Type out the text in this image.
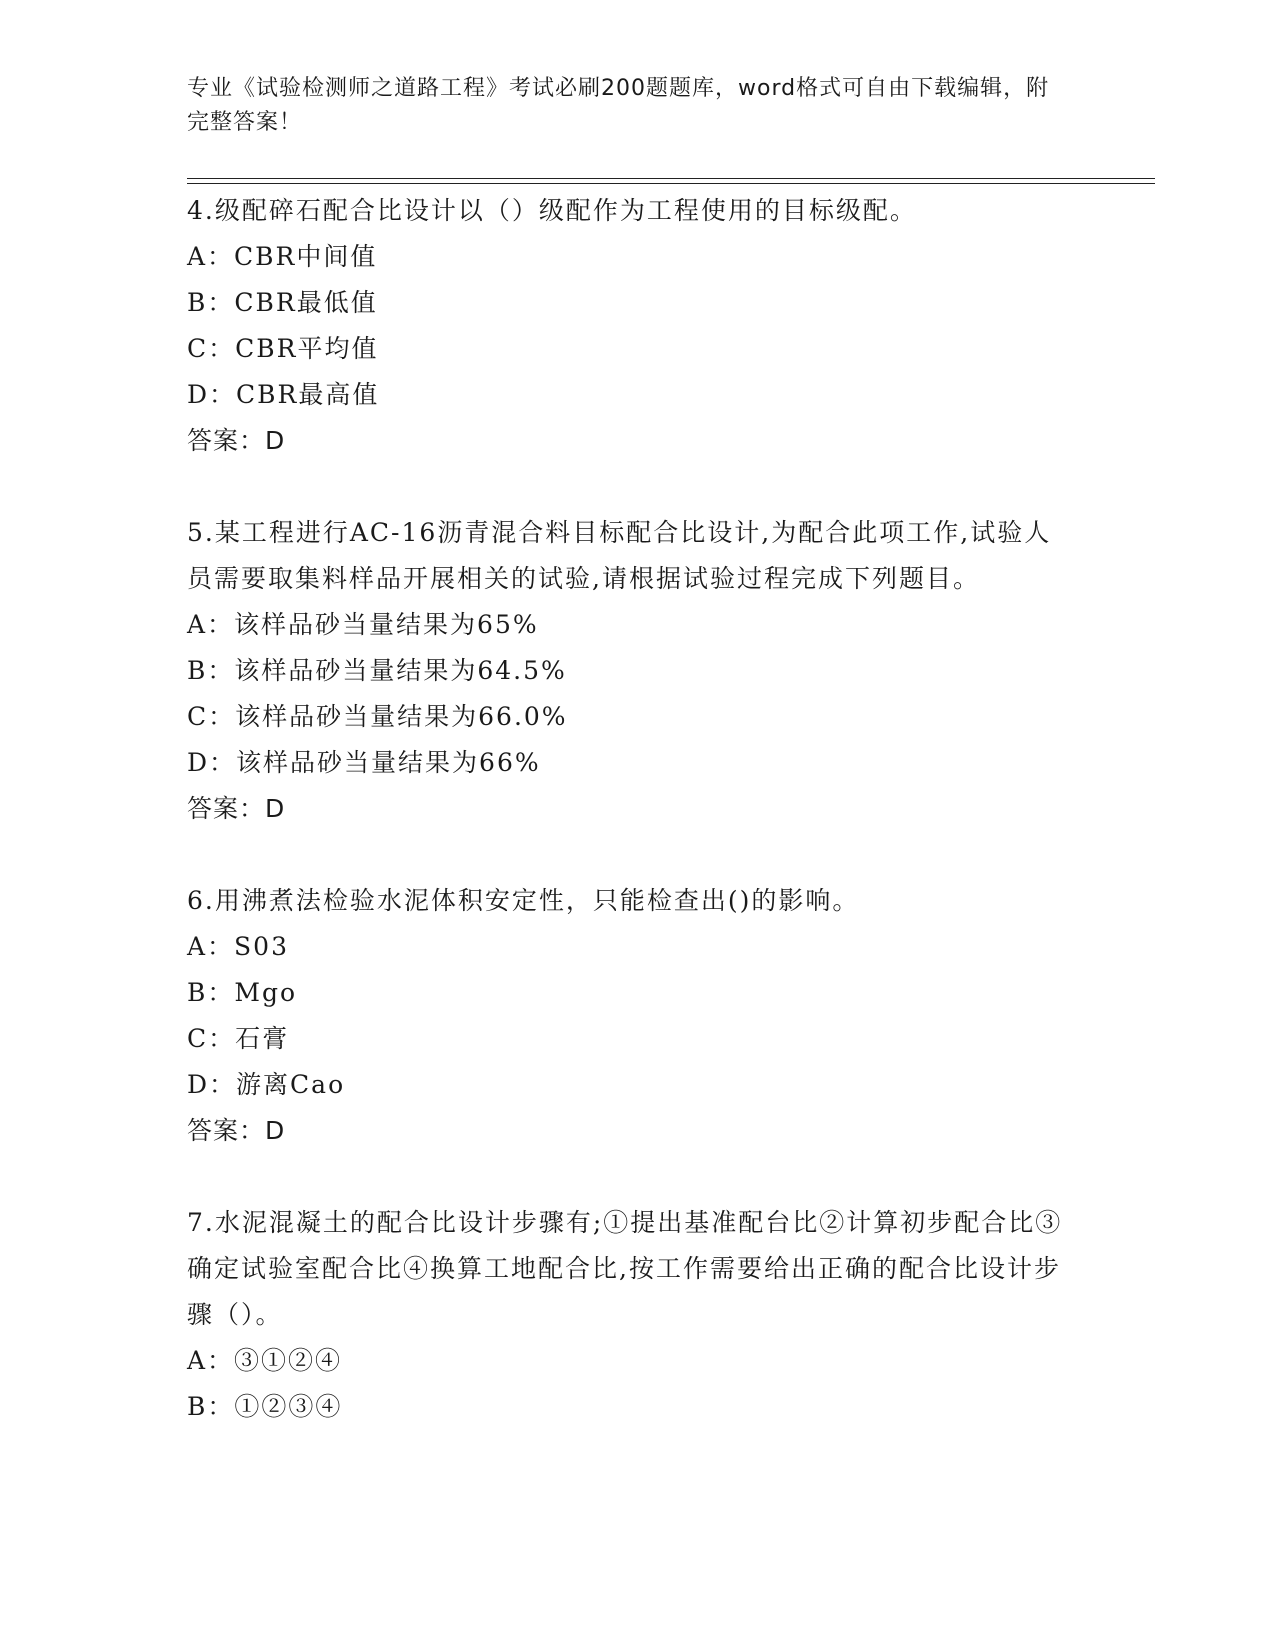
专业《试验检测师之道路工程》考试必刷200题题库，word格式可自由下载编辑，附完整答案！

4.级配碎石配合比设计以（）级配作为工程使用的目标级配。

A：CBR中间值

B：CBR最低值

C：CBR平均值

D：CBR最高值

答案：D

5.某工程进行AC-16沥青混合料目标配合比设计,为配合此项工作,试验人员需要取集料样品开展相关的试验,请根据试验过程完成下列题目。

A：该样品砂当量结果为65%

B：该样品砂当量结果为64.5%

C：该样品砂当量结果为66.0%

D：该样品砂当量结果为66%

答案：D

6.用沸煮法检验水泥体积安定性，只能检查出()的影响。

A：S03

B：Mgo

C：石膏

D：游离Cao

答案：D

7.水泥混凝土的配合比设计步骤有;①提出基准配台比②计算初步配合比③确定试验室配合比④换算工地配合比,按工作需要给出正确的配合比设计步骤（）。

A：③①②④

B：①②③④
